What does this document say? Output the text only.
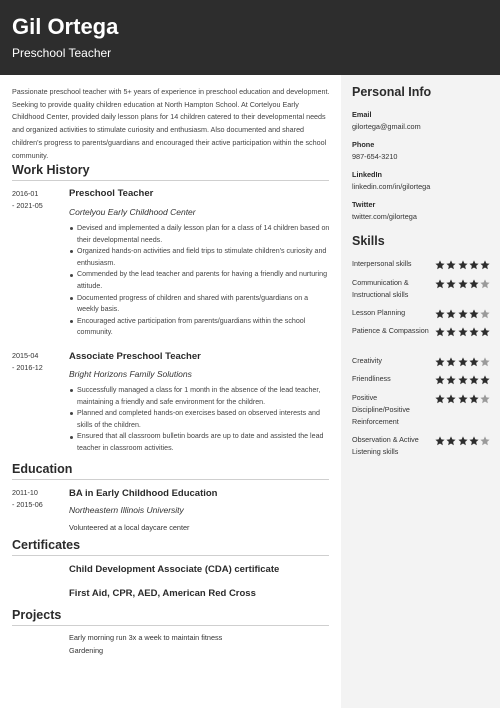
Gil Ortega
Preschool Teacher
Passionate preschool teacher with 5+ years of experience in preschool education and development. Seeking to provide quality children education at North Hampton School. At Cortelyou Early Childhood Center, provided daily lesson plans for 14 children catered to their developmental needs and organized activities to stimulate curiosity and enthusiasm. Also documented and shared children's progress to parents/guardians and encouraged their active participation within the school community.
Work History
2016-01
- 2021-05
Preschool Teacher
Cortelyou Early Childhood Center
Devised and implemented a daily lesson plan for a class of 14 children based on their developmental needs.
Organized hands-on activities and field trips to stimulate children's curiosity and enthusiasm.
Commended by the lead teacher and parents for having a friendly and nurturing attitude.
Documented progress of children and shared with parents/guardians on a weekly basis.
Encouraged active participation from parents/guardians within the school community.
2015-04
- 2016-12
Associate Preschool Teacher
Bright Horizons Family Solutions
Successfully managed a class for 1 month in the absence of the lead teacher, maintaining a friendly and safe environment for the children.
Planned and completed hands-on exercises based on observed interests and skills of the children.
Ensured that all classroom bulletin boards are up to date and assisted the lead teacher in classroom activities.
Education
2011-10
- 2015-06
BA in Early Childhood Education
Northeastern Illinois University
Volunteered at a local daycare center
Certificates
Child Development Associate (CDA) certificate
First Aid, CPR, AED, American Red Cross
Projects
Early morning run 3x a week to maintain fitness
Gardening
Personal Info
Email
gilortega@gmail.com
Phone
987-654-3210
LinkedIn
linkedin.com/in/gilortega
Twitter
twitter.com/gilortega
Skills
Interpersonal skills
Communication & Instructional skills
Lesson Planning
Patience & Compassion
Creativity
Friendliness
Positive Discipline/Positive Reinforcement
Observation & Active Listening skills
